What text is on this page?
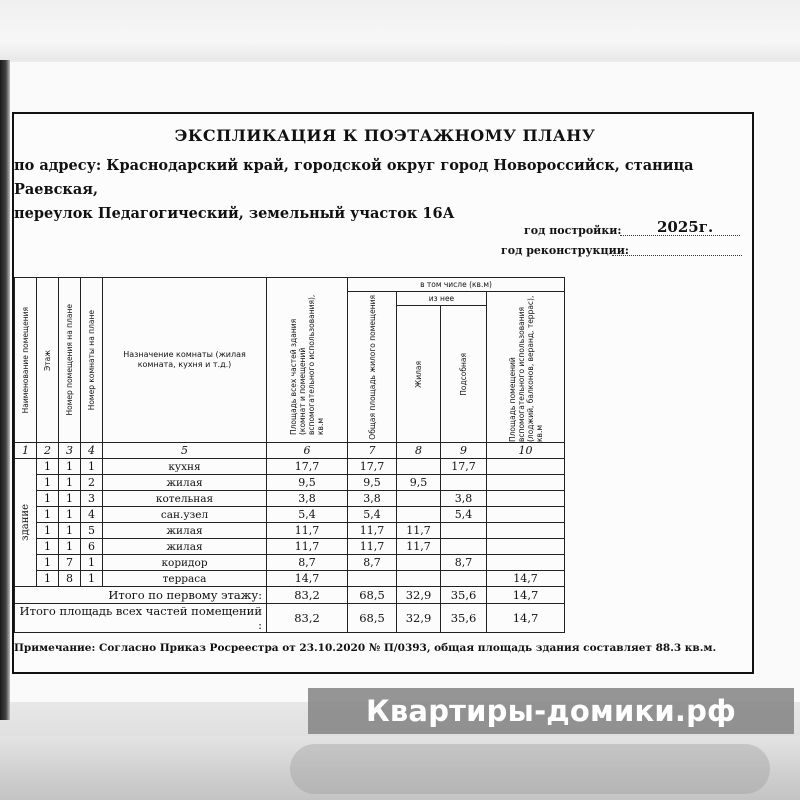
ЭКСПЛИКАЦИЯ К ПОЭТАЖНОМУ ПЛАНУ
по адресу: Краснодарский край, городской округ город Новороссийск, станица Раевская,
переулок Педагогический, земельный участок 16А
год постройки: 2025г.
год реконструкции:
Наименование помещения	Этаж	Номер помещения на плане	Номер комнаты на плане	Назначение комнаты (жилая комната, кухня и т.д.)	Площадь всех частей здания (комнат и помещений вспомогательного использования), кв.м	в том числе (кв.м)			

						Общая площадь жилого помещения	из нее		Площадь помещений вспомогательного использования (лоджий, балконов, веранд, террас), кв.м

							Жилая	Подсобная	

1	2	3	4	5	6	7	8	9	10

здание	1	1	1	кухня	17,7	17,7		17,7	
	1	1	2	жилая	9,5	9,5	9,5		
	1	1	3	котельная	3,8	3,8		3,8	
	1	1	4	сан.узел	5,4	5,4		5,4	
	1	1	5	жилая	11,7	11,7	11,7		
	1	1	6	жилая	11,7	11,7	11,7		
	1	7	1	коридор	8,7	8,7		8,7	
	1	8	1	терраса	14,7				14,7
Итого по первому этажу:					83,2	68,5	32,9	35,6	14,7
Итого площадь всех частей помещений :					83,2	68,5	32,9	35,6	14,7
Примечание: Согласно Приказ Росреестра от 23.10.2020 № П/0393, общая площадь здания составляет 88.3 кв.м.
Квартиры-домики.рф
